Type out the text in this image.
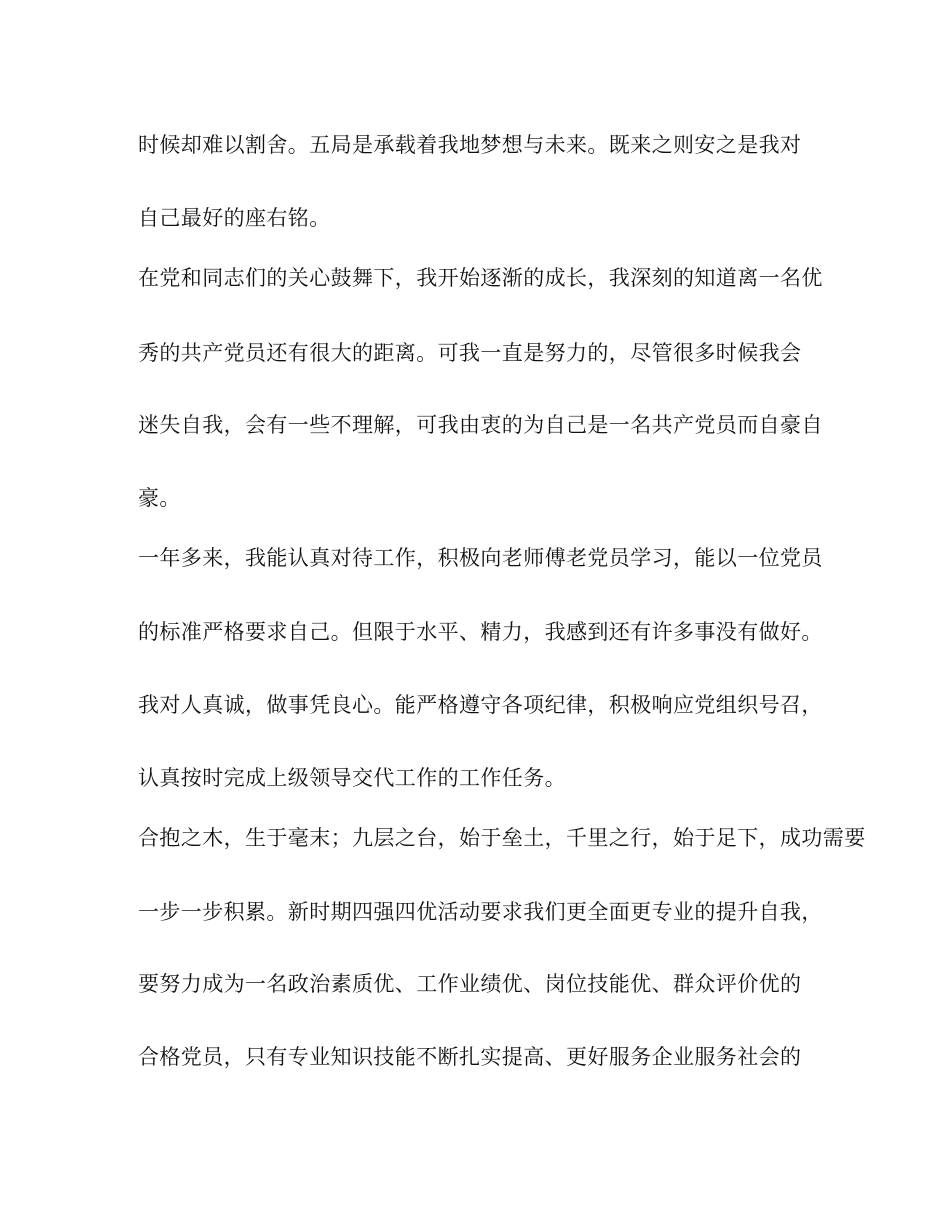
时候却难以割舍。五局是承载着我地梦想与未来。既来之则安之是我对
自己最好的座右铭。
在党和同志们的关心鼓舞下，我开始逐渐的成长，我深刻的知道离一名优
秀的共产党员还有很大的距离。可我一直是努力的，尽管很多时候我会
迷失自我，会有一些不理解，可我由衷的为自己是一名共产党员而自豪自
豪。
一年多来，我能认真对待工作，积极向老师傅老党员学习，能以一位党员
的标准严格要求自己。但限于水平、精力，我感到还有许多事没有做好。
我对人真诚，做事凭良心。能严格遵守各项纪律，积极响应党组织号召，
认真按时完成上级领导交代工作的工作任务。
合抱之木，生于毫末；九层之台，始于垒土，千里之行，始于足下，成功需要
一步一步积累。新时期四强四优活动要求我们更全面更专业的提升自我，
要努力成为一名政治素质优、工作业绩优、岗位技能优、群众评价优的
合格党员，只有专业知识技能不断扎实提高、更好服务企业服务社会的
